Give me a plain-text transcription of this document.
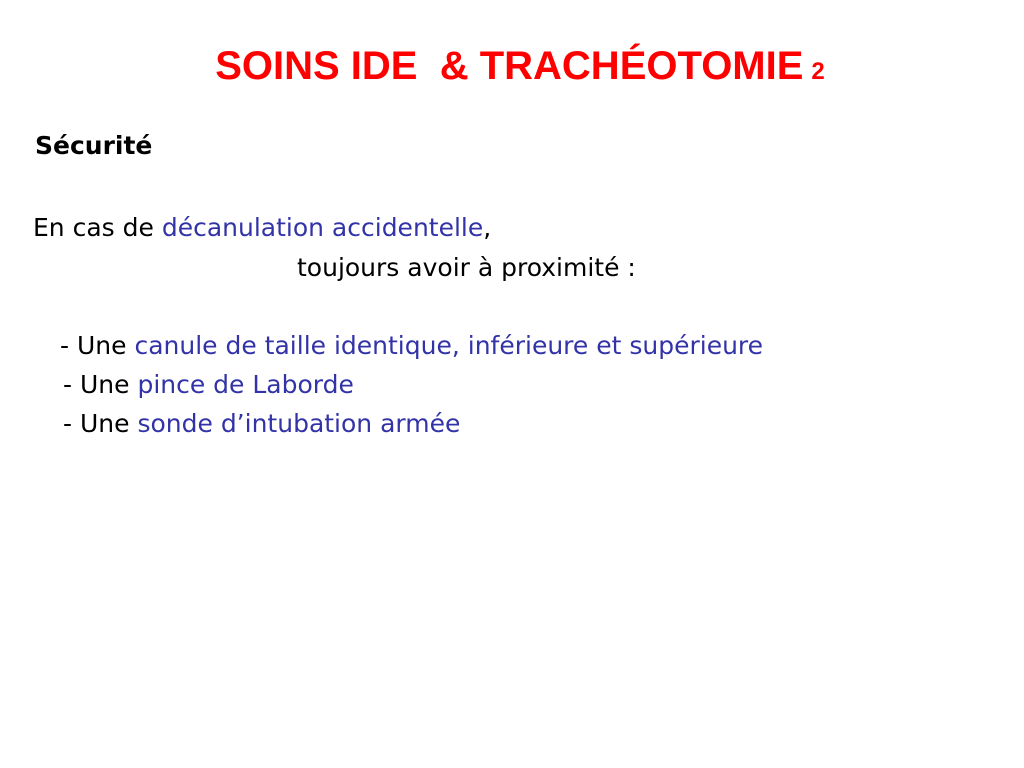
SOINS IDE  & TRACHÉOTOMIE 2
Sécurité
En cas de décanulation accidentelle,
toujours avoir à proximité :
- Une canule de taille identique, inférieure et supérieure
- Une pince de Laborde
- Une sonde d’intubation armée
